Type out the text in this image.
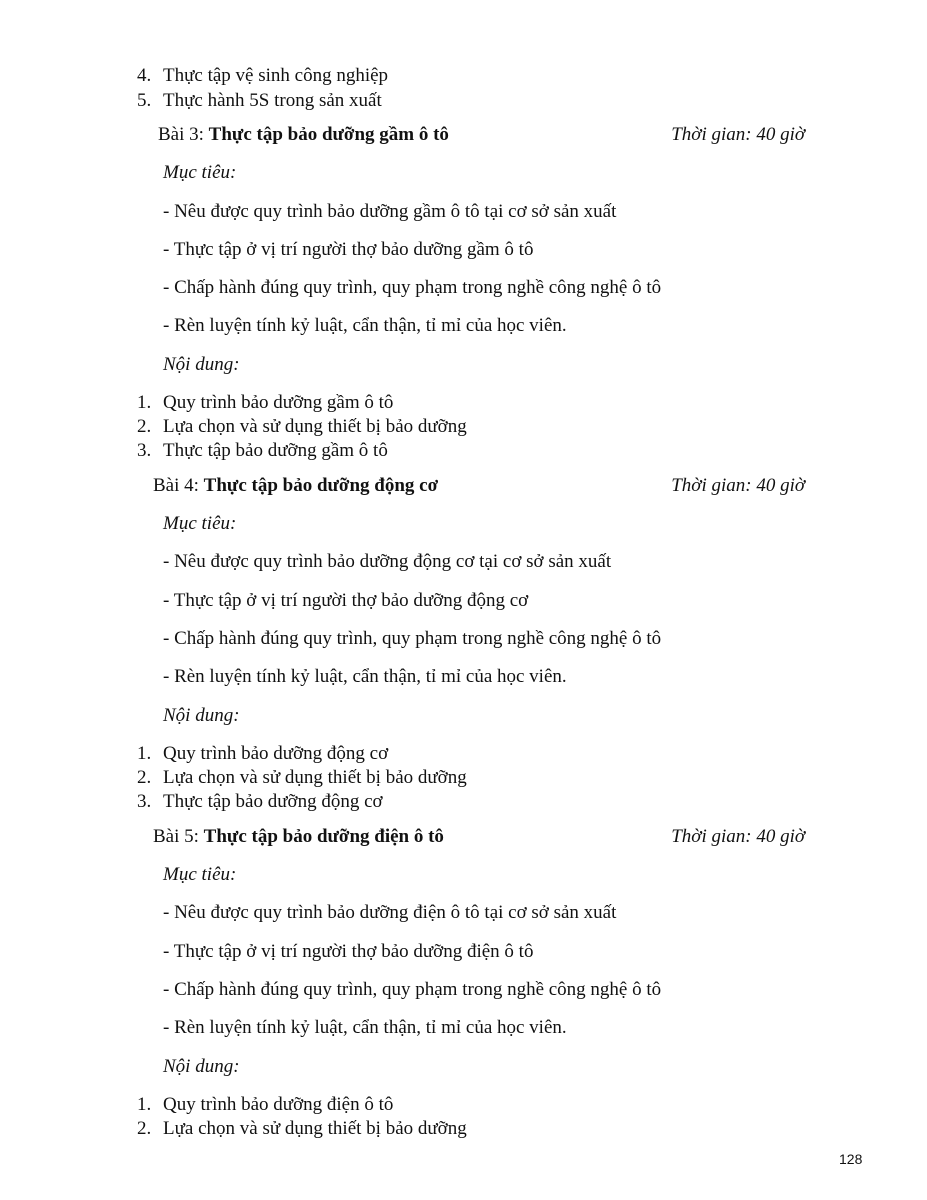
4. Thực tập vệ sinh công nghiệp
5. Thực hành 5S trong sản xuất
Bài 3: Thực tập bảo dưỡng gầm ô tô	Thời gian: 40 giờ
Mục tiêu:
- Nêu được quy trình bảo dưỡng gầm ô tô tại cơ sở sản xuất
- Thực tập ở vị trí người thợ bảo dưỡng gầm ô tô
- Chấp hành đúng quy trình, quy phạm trong nghề công nghệ ô tô
- Rèn luyện tính kỷ luật, cẩn thận, tỉ mỉ của học viên.
Nội dung:
1. Quy trình bảo dưỡng gầm ô tô
2. Lựa chọn và sử dụng thiết bị bảo dưỡng
3. Thực tập bảo dưỡng gầm ô tô
Bài 4: Thực tập bảo dưỡng động cơ	Thời gian: 40 giờ
Mục tiêu:
- Nêu được quy trình bảo dưỡng động cơ tại cơ sở sản xuất
- Thực tập ở vị trí người thợ bảo dưỡng động cơ
- Chấp hành đúng quy trình, quy phạm trong nghề công nghệ ô tô
- Rèn luyện tính kỷ luật, cẩn thận, tỉ mỉ của học viên.
Nội dung:
1. Quy trình bảo dưỡng động cơ
2. Lựa chọn và sử dụng thiết bị bảo dưỡng
3. Thực tập bảo dưỡng động cơ
Bài 5: Thực tập bảo dưỡng điện ô tô	Thời gian: 40 giờ
Mục tiêu:
- Nêu được quy trình bảo dưỡng điện ô tô tại cơ sở sản xuất
- Thực tập ở vị trí người thợ bảo dưỡng điện ô tô
- Chấp hành đúng quy trình, quy phạm trong nghề công nghệ ô tô
- Rèn luyện tính kỷ luật, cẩn thận, tỉ mỉ của học viên.
Nội dung:
1. Quy trình bảo dưỡng điện ô tô
2. Lựa chọn và sử dụng thiết bị bảo dưỡng
128
